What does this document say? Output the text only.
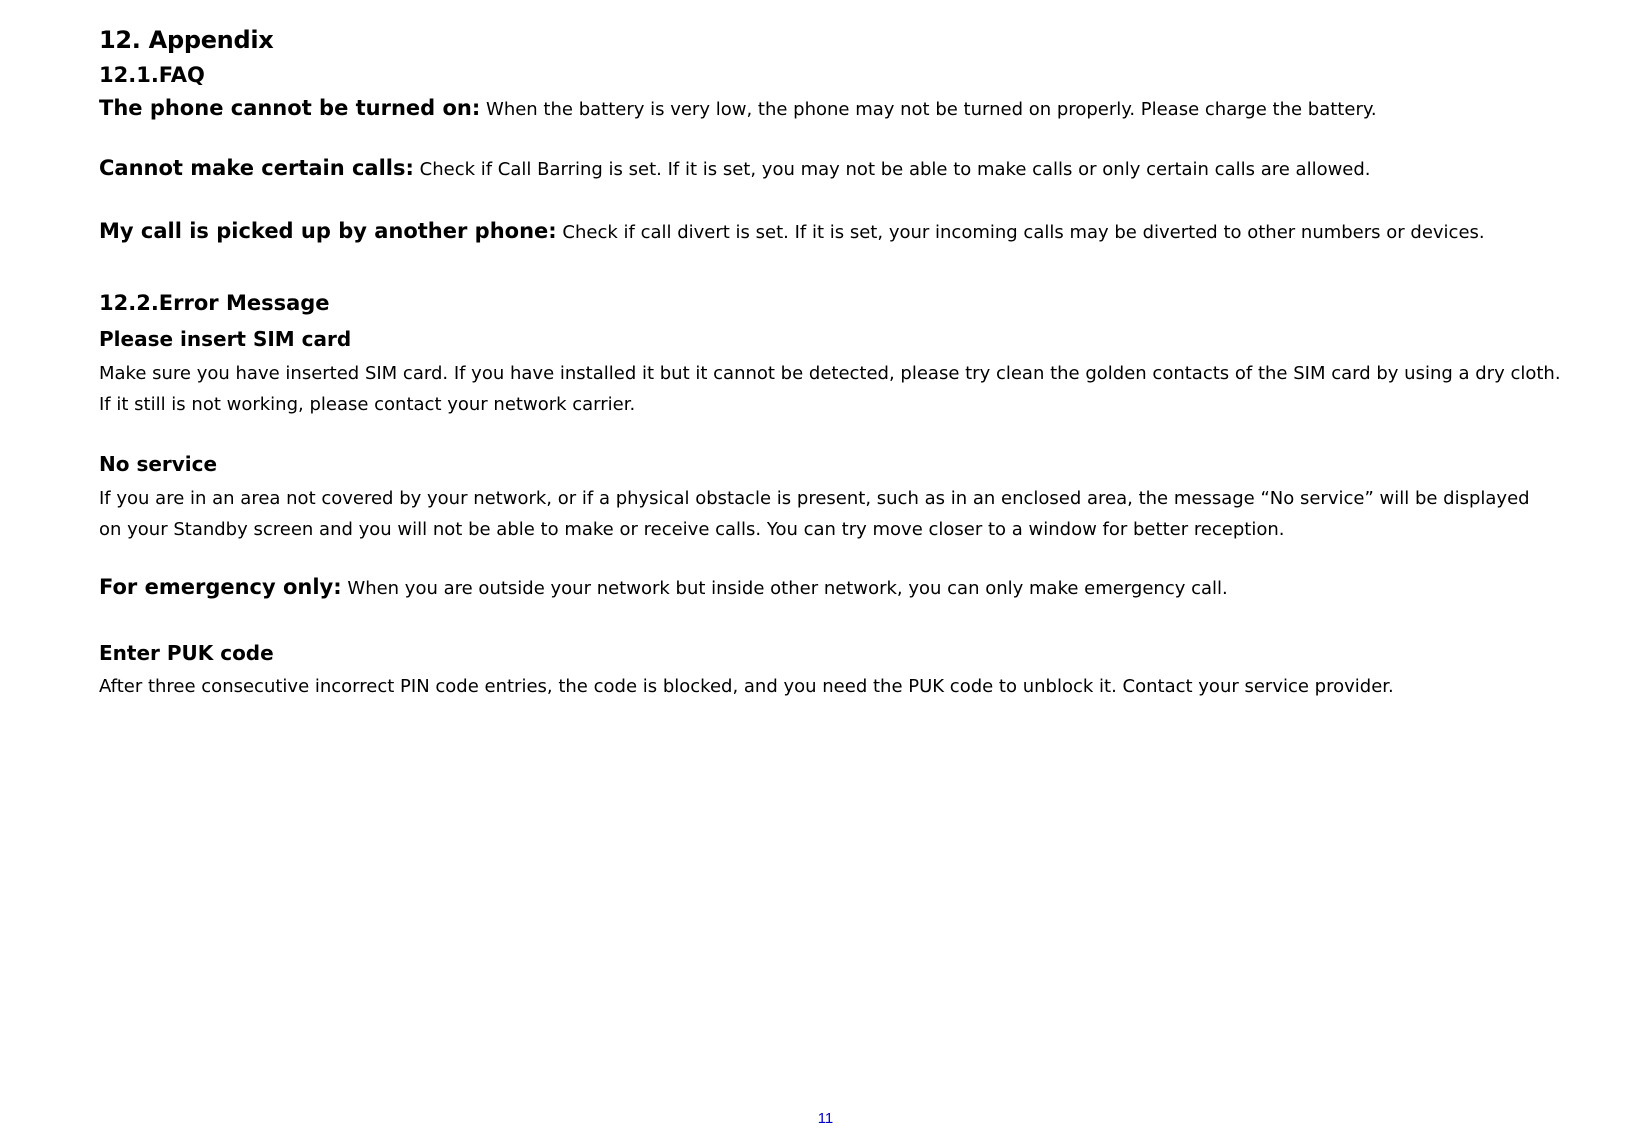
12. Appendix
12.1.FAQ

The phone cannot be turned on: When the battery is very low, the phone may not be turned on properly. Please charge the battery.

Cannot make certain calls: Check if Call Barring is set. If it is set, you may not be able to make calls or only certain calls are allowed.

My call is picked up by another phone: Check if call divert is set. If it is set, your incoming calls may be diverted to other numbers or devices.

12.2.Error Message
Please insert SIM card

Make sure you have inserted SIM card. If you have installed it but it cannot be detected, please try clean the golden contacts of the SIM card by using a dry cloth.

If it still is not working, please contact your network carrier.

No service

If you are in an area not covered by your network, or if a physical obstacle is present, such as in an enclosed area, the message “No service” will be displayed

on your Standby screen and you will not be able to make or receive calls. You can try move closer to a window for better reception.

For emergency only: When you are outside your network but inside other network, you can only make emergency call.

Enter PUK code

After three consecutive incorrect PIN code entries, the code is blocked, and you need the PUK code to unblock it. Contact your service provider.

11
